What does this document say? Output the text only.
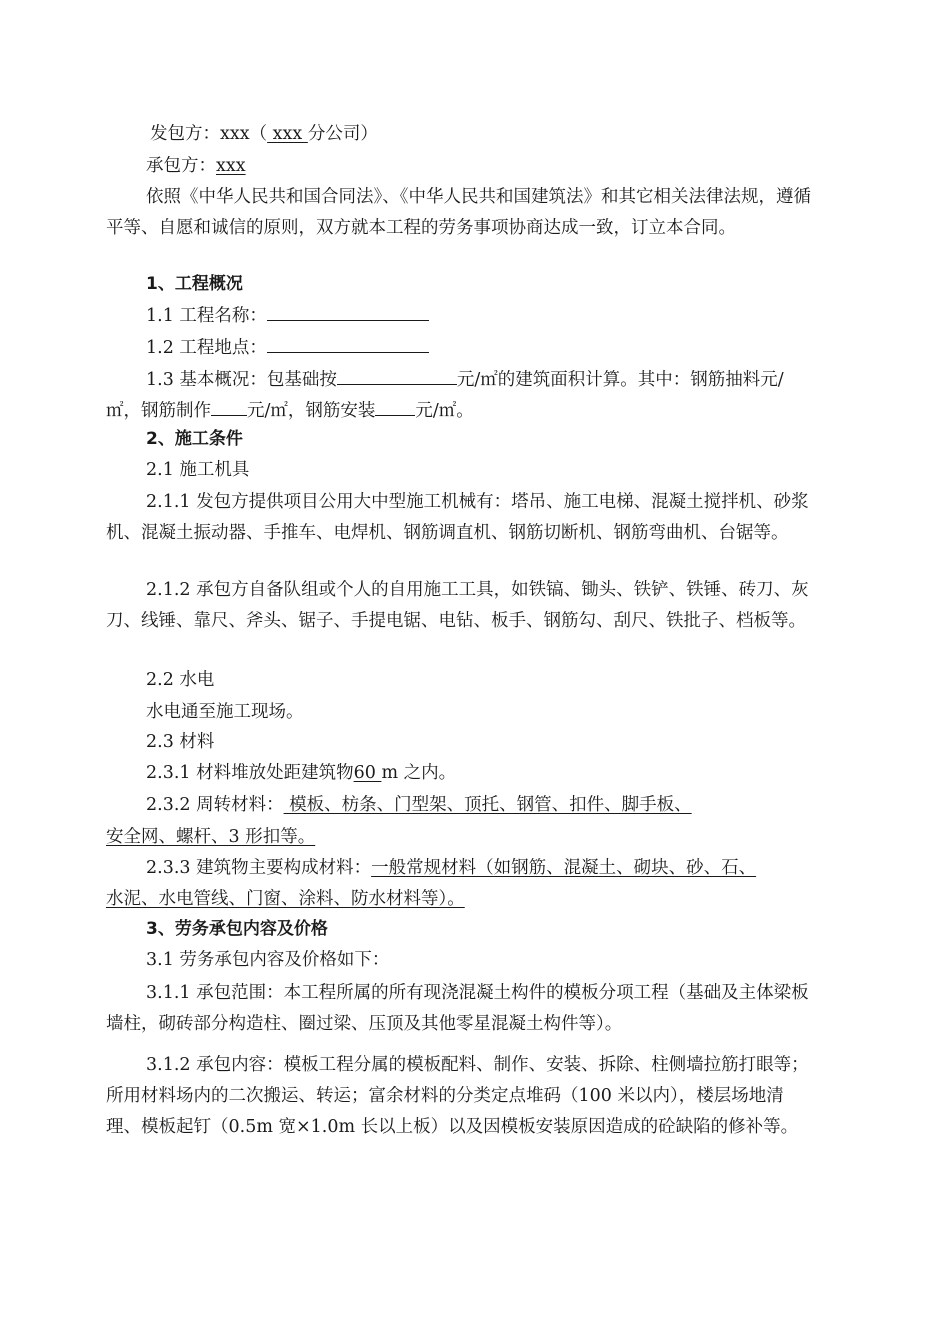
发包方：xxx（ xxx 分公司）

承包方：xxx

依照《中华人民共和国合同法》、《中华人民共和国建筑法》和其它相关法律法规，遵循平等、自愿和诚信的原则，双方就本工程的劳务事项协商达成一致，订立本合同。

1、工程概况

1.1 工程名称：

1.2 工程地点：

1.3 基本概况：包基础按	元/㎡的建筑面积计算。其中：钢筋抽料元/㎡，钢筋制作 元/㎡，钢筋安装 元/㎡。

2、施工条件

2.1 施工机具

2.1.1 发包方提供项目公用大中型施工机械有：塔吊、施工电梯、混凝土搅拌机、砂浆机、混凝土振动器、手推车、电焊机、钢筋调直机、钢筋切断机、钢筋弯曲机、台锯等。

2.1.2 承包方自备队组或个人的自用施工工具，如铁镐、锄头、铁铲、铁锤、砖刀、灰刀、线锤、靠尺、斧头、锯子、手提电锯、电钻、板手、钢筋勾、刮尺、铁批子、档板等。

2.2 水电

水电通至施工现场。

2.3 材料

2.3.1 材料堆放处距建筑物60 m 之内。

2.3.2 周转材料： 模板、枋条、门型架、顶托、钢管、扣件、脚手板、

安全网、螺杆、3 形扣等。

2.3.3 建筑物主要构成材料：一般常规材料（如钢筋、混凝土、砌块、砂、石、

水泥、水电管线、门窗、涂料、防水材料等）。

3、劳务承包内容及价格

3.1 劳务承包内容及价格如下：

3.1.1 承包范围：本工程所属的所有现浇混凝土构件的模板分项工程（基础及主体梁板墙柱，砌砖部分构造柱、圈过梁、压顶及其他零星混凝土构件等）。

3.1.2 承包内容：模板工程分属的模板配料、制作、安装、拆除、柱侧墙拉筋打眼等；所用材料场内的二次搬运、转运；富余材料的分类定点堆码（100 米以内），楼层场地清理、模板起钉（0.5m 宽×1.0m 长以上板）以及因模板安装原因造成的砼缺陷的修补等。
